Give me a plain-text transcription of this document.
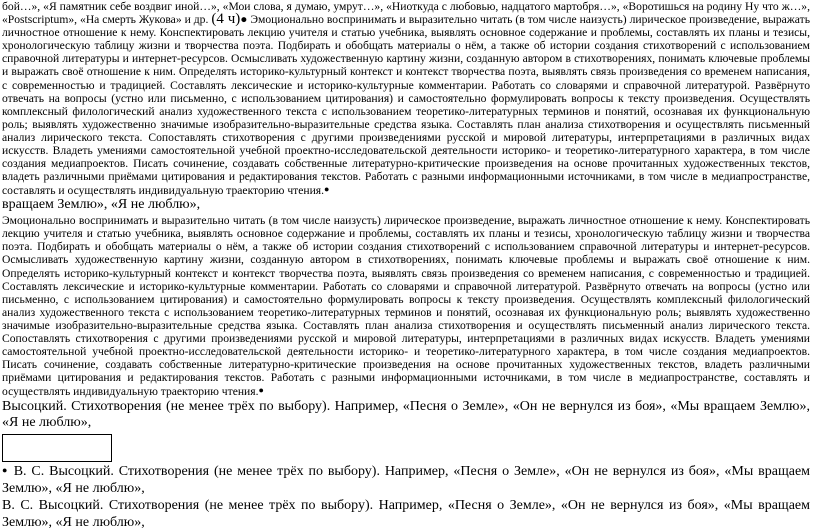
бой…», «Я памятник себе воздвиг иной…», «Мои слова, я думаю, умрут…», «Ниоткуда с любовью, надцатого мартобря…», «Воротишься на родину Ну что ж…», «Postscriptum», «На смерть Жукова» и др. (4 ч)● Эмоционально воспринимать и выразительно читать (в том числе наизусть) лирическое произведение, выражать личностное отношение к нему. Конспектировать лекцию учителя и статью учебника, выявлять основное содержание и проблемы, составлять их планы и тезисы, хронологическую таблицу жизни и творчества поэта. Подбирать и обобщать материалы о нём, а также об истории создания стихотворений с использованием справочной литературы и интернет-ресурсов. Осмысливать художественную картину жизни, созданную автором в стихотворениях, понимать ключевые проблемы и выражать своё отношение к ним. Определять историко-культурный контекст и контекст творчества поэта, выявлять связь произведения со временем написания, с современностью и традицией. Составлять лексические и историко-культурные комментарии. Работать со словарями и справочной литературой. Развёрнуто отвечать на вопросы (устно или письменно, с использованием цитирования) и самостоятельно формулировать вопросы к тексту произведения. Осуществлять комплексный филологический анализ художественного текста с использованием теоретико-литературных терминов и понятий, осознавая их функциональную роль; выявлять художественно значимые изобразительно-выразительные средства языка. Составлять план анализа стихотворения и осуществлять письменный анализ лирического текста. Сопоставлять стихотворения с другими произведениями русской и мировой литературы, интерпретациями в различных видах искусств. Владеть умениями самостоятельной учебной проектно-исследовательской деятельности историко- и теоретико-литературного характера, в том числе создания медиапроектов. Писать сочинение, создавать собственные литературно-критические произведения на основе прочитанных художественных текстов, владеть различными приёмами цитирования и редактирования текстов. Работать с разными информационными источниками, в том числе в медиапространстве, составлять и осуществлять индивидуальную траекторию чтения.●

вращаем Землю», «Я не люблю»,

Эмоционально воспринимать и выразительно читать (в том числе наизусть) лирическое произведение, выражать личностное отношение к нему. Конспектировать лекцию учителя и статью учебника, выявлять основное содержание и проблемы, составлять их планы и тезисы, хронологическую таблицу жизни и творчества поэта. Подбирать и обобщать материалы о нём, а также об истории создания стихотворений с использованием справочной литературы и интернет-ресурсов. Осмысливать художественную картину жизни, созданную автором в стихотворениях, понимать ключевые проблемы и выражать своё отношение к ним. Определять историко-культурный контекст и контекст творчества поэта, выявлять связь произведения со временем написания, с современностью и традицией. Составлять лексические и историко-культурные комментарии. Работать со словарями и справочной литературой. Развёрнуто отвечать на вопросы (устно или письменно, с использованием цитирования) и самостоятельно формулировать вопросы к тексту произведения. Осуществлять комплексный филологический анализ художественного текста с использованием теоретико-литературных терминов и понятий, осознавая их функциональную роль; выявлять художественно значимые изобразительно-выразительные средства языка. Составлять план анализа стихотворения и осуществлять письменный анализ лирического текста. Сопоставлять стихотворения с другими произведениями русской и мировой литературы, интерпретациями в различных видах искусств. Владеть умениями самостоятельной учебной проектно-исследовательской деятельности историко- и теоретико-литературного характера, в том числе создания медиапроектов. Писать сочинение, создавать собственные литературно-критические произведения на основе прочитанных художественных текстов, владеть различными приёмами цитирования и редактирования текстов. Работать с разными информационными источниками, в том числе в медиапространстве, составлять и осуществлять индивидуальную траекторию чтения.●

Высоцкий. Стихотворения (не менее трёх по выбору). Например, «Песня о Земле», «Он не вернулся из боя», «Мы вращаем Землю», «Я не люблю»,

● В. С. Высоцкий. Стихотворения (не менее трёх по выбору). Например, «Песня о Земле», «Он не вернулся из боя», «Мы вращаем Землю», «Я не люблю»,

В. С. Высоцкий. Стихотворения (не менее трёх по выбору). Например, «Песня о Земле», «Он не вернулся из боя», «Мы вращаем Землю», «Я не люблю»,
